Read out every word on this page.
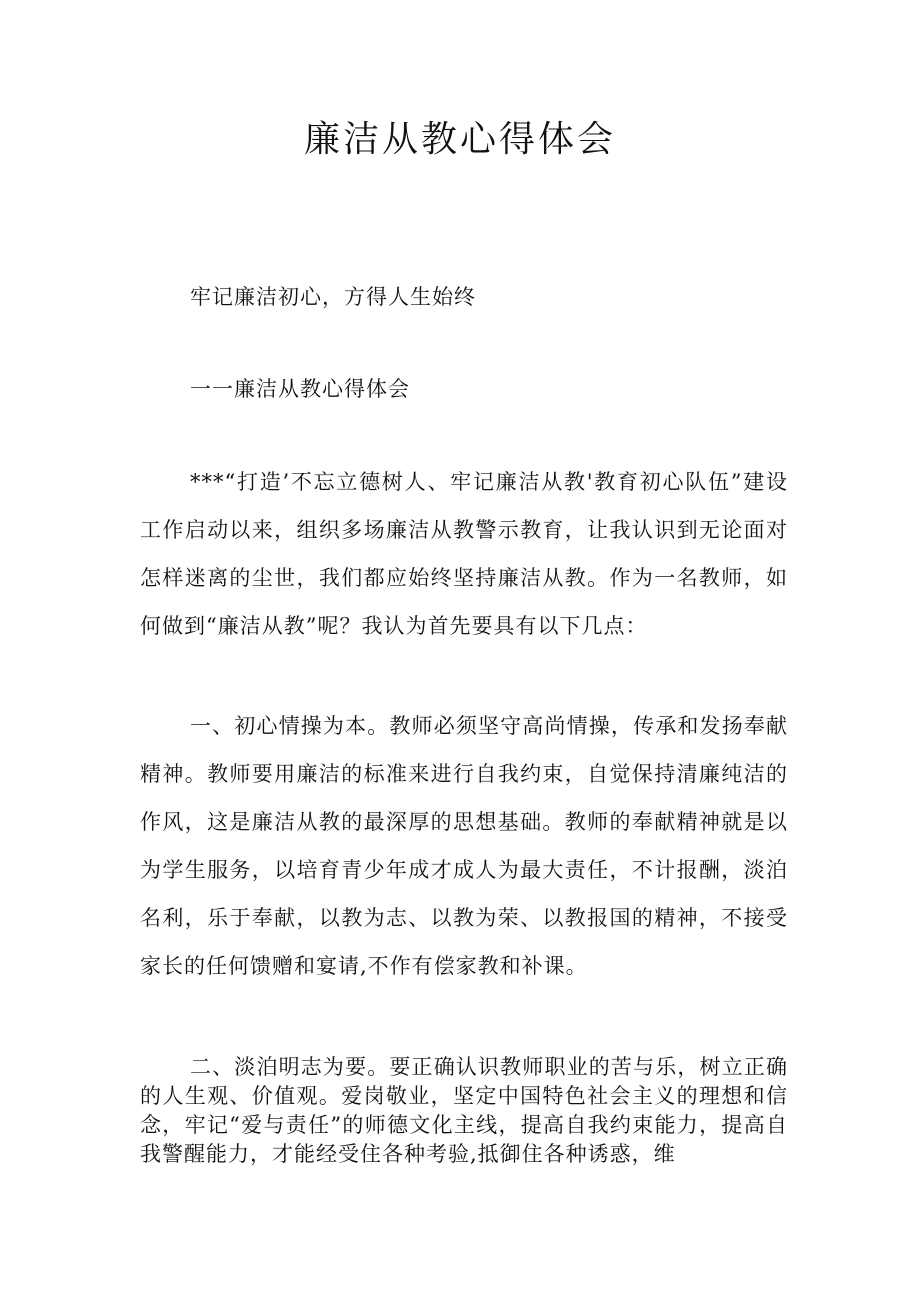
廉洁从教心得体会

牢记廉洁初心，方得人生始终

一一廉洁从教心得体会

***“打造’不忘立德树人、牢记廉洁从教'教育初心队伍”建设工作启动以来，组织多场廉洁从教警示教育，让我认识到无论面对怎样迷离的尘世，我们都应始终坚持廉洁从教。作为一名教师，如何做到“廉洁从教”呢？我认为首先要具有以下几点：

一、初心情操为本。教师必须坚守高尚情操，传承和发扬奉献精神。教师要用廉洁的标准来进行自我约束，自觉保持清廉纯洁的作风，这是廉洁从教的最深厚的思想基础。教师的奉献精神就是以为学生服务，以培育青少年成才成人为最大责任，不计报酬，淡泊名利，乐于奉献，以教为志、以教为荣、以教报国的精神，不接受家长的任何馈赠和宴请,不作有偿家教和补课。

二、淡泊明志为要。要正确认识教师职业的苦与乐，树立正确的人生观、价值观。爱岗敬业，坚定中国特色社会主义的理想和信念，牢记“爱与责任”的师德文化主线，提高自我约束能力，提高自我警醒能力，才能经受住各种考验,抵御住各种诱惑，维
